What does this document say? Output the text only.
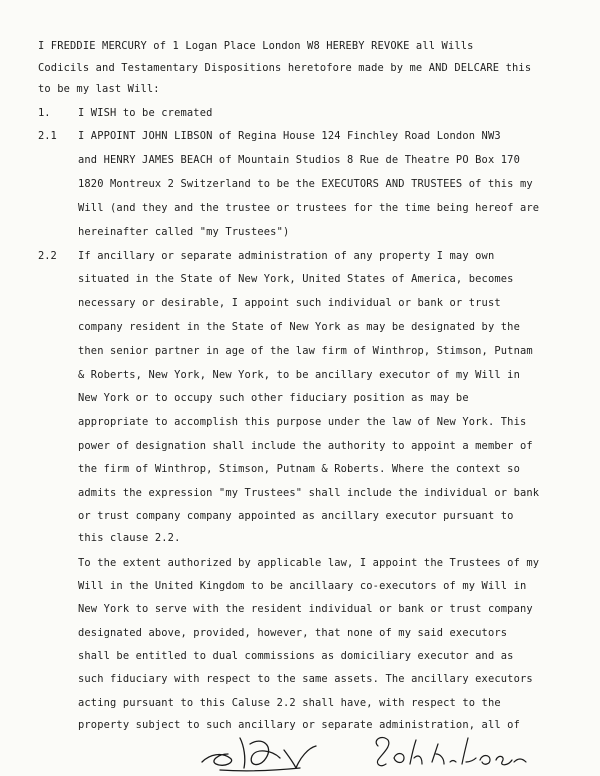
I FREDDIE MERCURY of 1 Logan Place London W8 HEREBY REVOKE all Wills
Codicils and Testamentary Dispositions heretofore made by me AND DELCARE this
to be my last Will:
1.	I WISH to be cremated
2.1 I APPOINT JOHN LIBSON of Regina House 124 Finchley Road London NW3
and HENRY JAMES BEACH of Mountain Studios 8 Rue de Theatre PO Box 170
1820 Montreux 2 Switzerland to be the EXECUTORS AND TRUSTEES of this my
Will (and they and the trustee or trustees for the time being hereof are
hereinafter called "my Trustees")
2.2 If ancillary or separate administration of any property I may own
situated in the State of New York, United States of America, becomes
necessary or desirable, I appoint such individual or bank or trust
company resident in the State of New York as may be designated by the
then senior partner in age of the law firm of Winthrop, Stimson, Putnam
& Roberts, New York, New York, to be ancillary executor of my Will in
New York or to occupy such other fiduciary position as may be
appropriate to accomplish this purpose under the law of New York. This
power of designation shall include the authority to appoint a member of
the firm of Winthrop, Stimson, Putnam & Roberts. Where the context so
admits the expression "my Trustees" shall include the individual or bank
or trust company company appointed as ancillary executor pursuant to
this clause 2.2.
To the extent authorized by applicable law, I appoint the Trustees of my
Will in the United Kingdom to be ancillaary co-executors of my Will in
New York to serve with the resident individual or bank or trust company
designated above, provided, however, that none of my said executors
shall be entitled to dual commissions as domiciliary executor and as
such fiduciary with respect to the same assets. The ancillary executors
acting pursuant to this Caluse 2.2 shall have, with respect to the
property subject to such ancillary or separate administration, all of
